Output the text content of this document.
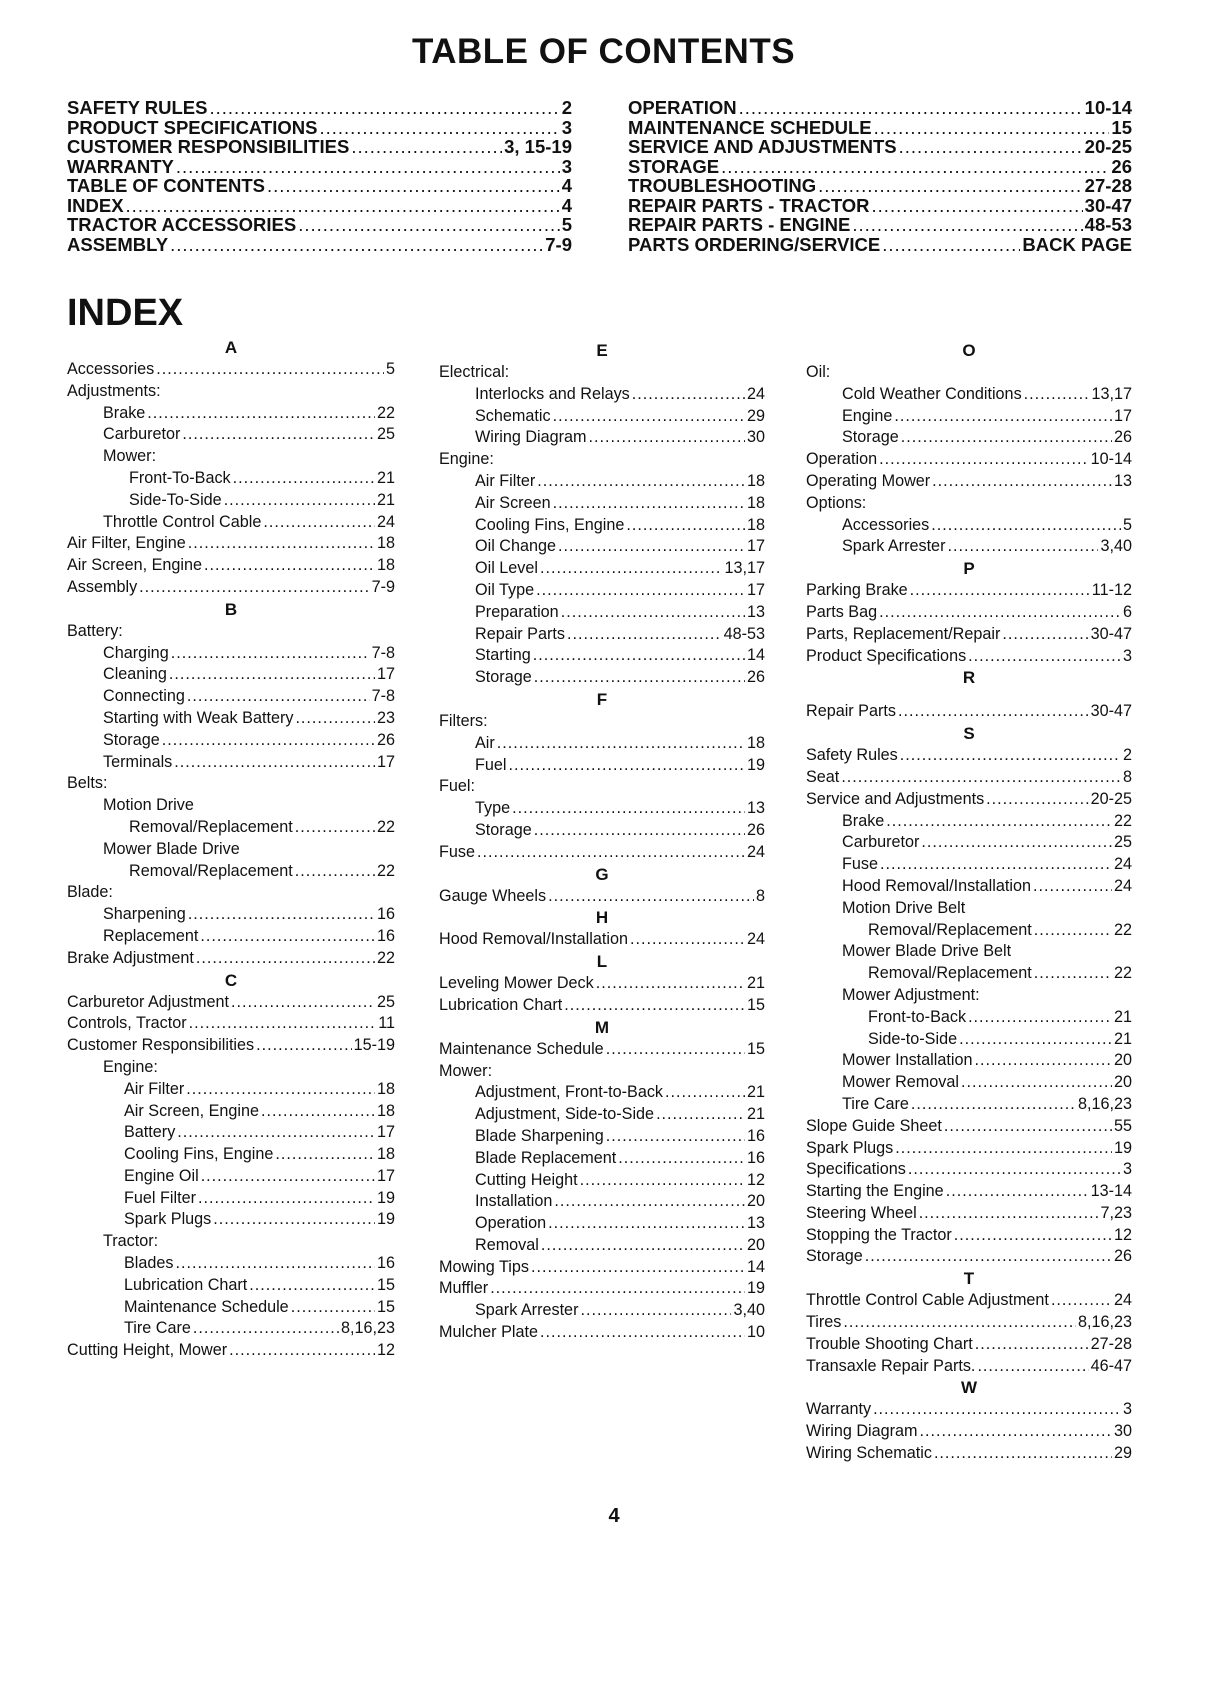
TABLE OF CONTENTS
SAFETY RULES .....	2
PRODUCT SPECIFICATIONS .....	3
CUSTOMER RESPONSIBILITIES .....	3, 15-19
WARRANTY .....	3
TABLE OF CONTENTS .....	4
INDEX .....	4
TRACTOR ACCESSORIES .....	5
ASSEMBLY .....	7-9
OPERATION .....	10-14
MAINTENANCE SCHEDULE .....	15
SERVICE AND ADJUSTMENTS .....	20-25
STORAGE .....	26
TROUBLESHOOTING .....	27-28
REPAIR PARTS - TRACTOR .....	30-47
REPAIR PARTS - ENGINE .....	48-53
PARTS ORDERING/SERVICE .....	BACK PAGE
INDEX
A
Accessories .....	5
Adjustments:
Brake .....	22
Carburetor .....	25
Mower:
Front-To-Back .....	21
Side-To-Side .....	21
Throttle Control Cable .....	24
Air Filter, Engine .....	18
Air Screen, Engine .....	18
Assembly .....	7-9
B
Battery:
Charging .....	7-8
Cleaning .....	17
Connecting .....	7-8
Starting with Weak Battery .....	23
Storage .....	26
Terminals .....	17
Belts:
Motion Drive
Removal/Replacement .....	22
Mower Blade Drive
Removal/Replacement .....	22
Blade:
Sharpening .....	16
Replacement .....	16
Brake Adjustment .....	22
C
Carburetor Adjustment .....	25
Controls, Tractor .....	11
Customer Responsibilities .....	15-19
Engine:
Air Filter .....	18
Air Screen, Engine .....	18
Battery .....	17
Cooling Fins, Engine .....	18
Engine Oil .....	17
Fuel Filter .....	19
Spark Plugs .....	19
Tractor:
Blades .....	16
Lubrication Chart .....	15
Maintenance Schedule .....	15
Tire Care .....	8,16,23
Cutting Height, Mower .....	12
E
Electrical:
Interlocks and Relays .....	24
Schematic .....	29
Wiring Diagram .....	30
Engine:
Air Filter .....	18
Air Screen .....	18
Cooling Fins, Engine .....	18
Oil Change .....	17
Oil Level .....	13,17
Oil Type .....	17
Preparation .....	13
Repair Parts .....	48-53
Starting .....	14
Storage .....	26
F
Filters:
Air .....	18
Fuel .....	19
Fuel:
Type .....	13
Storage .....	26
Fuse .....	24
G
Gauge Wheels .....	8
H
Hood Removal/Installation .....	24
L
Leveling Mower Deck .....	21
Lubrication Chart .....	15
M
Maintenance Schedule .....	15
Mower:
Adjustment, Front-to-Back .....	21
Adjustment, Side-to-Side .....	21
Blade Sharpening .....	16
Blade Replacement .....	16
Cutting Height .....	12
Installation .....	20
Operation .....	13
Removal .....	20
Mowing Tips .....	14
Muffler .....	19
Spark Arrester .....	3,40
Mulcher Plate .....	10
O
Oil:
Cold Weather Conditions .....	13,17
Engine .....	17
Storage .....	26
Operation .....	10-14
Operating Mower .....	13
Options:
Accessories .....	5
Spark Arrester .....	3,40
P
Parking Brake .....	11-12
Parts Bag .....	6
Parts, Replacement/Repair .....	30-47
Product Specifications .....	3
R
Repair Parts .....	30-47
S
Safety Rules .....	2
Seat .....	8
Service and Adjustments .....	20-25
Brake .....	22
Carburetor .....	25
Fuse .....	24
Hood Removal/Installation .....	24
Motion Drive Belt
Removal/Replacement .....	22
Mower Blade Drive Belt
Removal/Replacement .....	22
Mower Adjustment:
Front-to-Back .....	21
Side-to-Side .....	21
Mower Installation .....	20
Mower Removal .....	20
Tire Care .....	8,16,23
Slope Guide Sheet .....	55
Spark Plugs .....	19
Specifications .....	3
Starting the Engine .....	13-14
Steering Wheel .....	7,23
Stopping the Tractor .....	12
Storage .....	26
T
Throttle Control Cable Adjustment .....	24
Tires .....	8,16,23
Trouble Shooting Chart .....	27-28
Transaxle Repair Parts. .....	46-47
W
Warranty .....	3
Wiring Diagram .....	30
Wiring Schematic .....	29
4
